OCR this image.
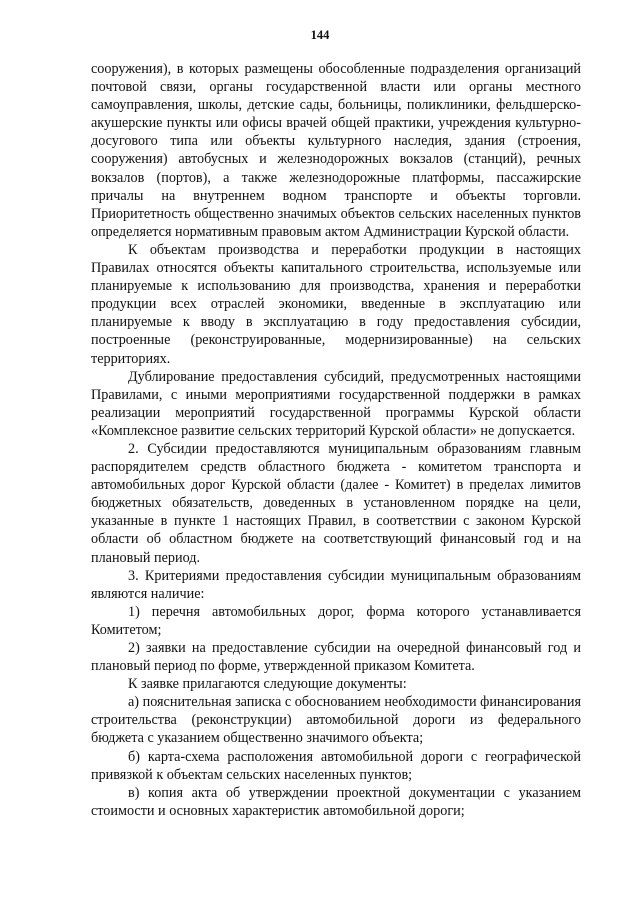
144

сооружения), в которых размещены обособленные подразделения организаций почтовой связи, органы государственной власти или органы местного самоуправления, школы, детские сады, больницы, поликлиники, фельдшерско-акушерские пункты или офисы врачей общей практики, учреждения культурно-досугового типа или объекты культурного наследия, здания (строения, сооружения) автобусных и железнодорожных вокзалов (станций), речных вокзалов (портов), а также железнодорожные платформы, пассажирские причалы на внутреннем водном транспорте и объекты торговли. Приоритетность общественно значимых объектов сельских населенных пунктов определяется нормативным правовым актом Администрации Курской области.

К объектам производства и переработки продукции в настоящих Правилах относятся объекты капитального строительства, используемые или планируемые к использованию для производства, хранения и переработки продукции всех отраслей экономики, введенные в эксплуатацию или планируемые к вводу в эксплуатацию в году предоставления субсидии, построенные (реконструированные, модернизированные) на сельских территориях.

Дублирование предоставления субсидий, предусмотренных настоящими Правилами, с иными мероприятиями государственной поддержки в рамках реализации мероприятий государственной программы Курской области «Комплексное развитие сельских территорий Курской области» не допускается.

2. Субсидии предоставляются муниципальным образованиям главным распорядителем средств областного бюджета - комитетом транспорта и автомобильных дорог Курской области (далее - Комитет) в пределах лимитов бюджетных обязательств, доведенных в установленном порядке на цели, указанные в пункте 1 настоящих Правил, в соответствии с законом Курской области об областном бюджете на соответствующий финансовый год и на плановый период.

3. Критериями предоставления субсидии муниципальным образованиям являются наличие:

1) перечня автомобильных дорог, форма которого устанавливается Комитетом;

2) заявки на предоставление субсидии на очередной финансовый год и плановый период по форме, утвержденной приказом Комитета.

К заявке прилагаются следующие документы:

а) пояснительная записка с обоснованием необходимости финансирования строительства (реконструкции) автомобильной дороги из федерального бюджета с указанием общественно значимого объекта;

б) карта-схема расположения автомобильной дороги с географической привязкой к объектам сельских населенных пунктов;

в) копия акта об утверждении проектной документации с указанием стоимости и основных характеристик автомобильной дороги;
